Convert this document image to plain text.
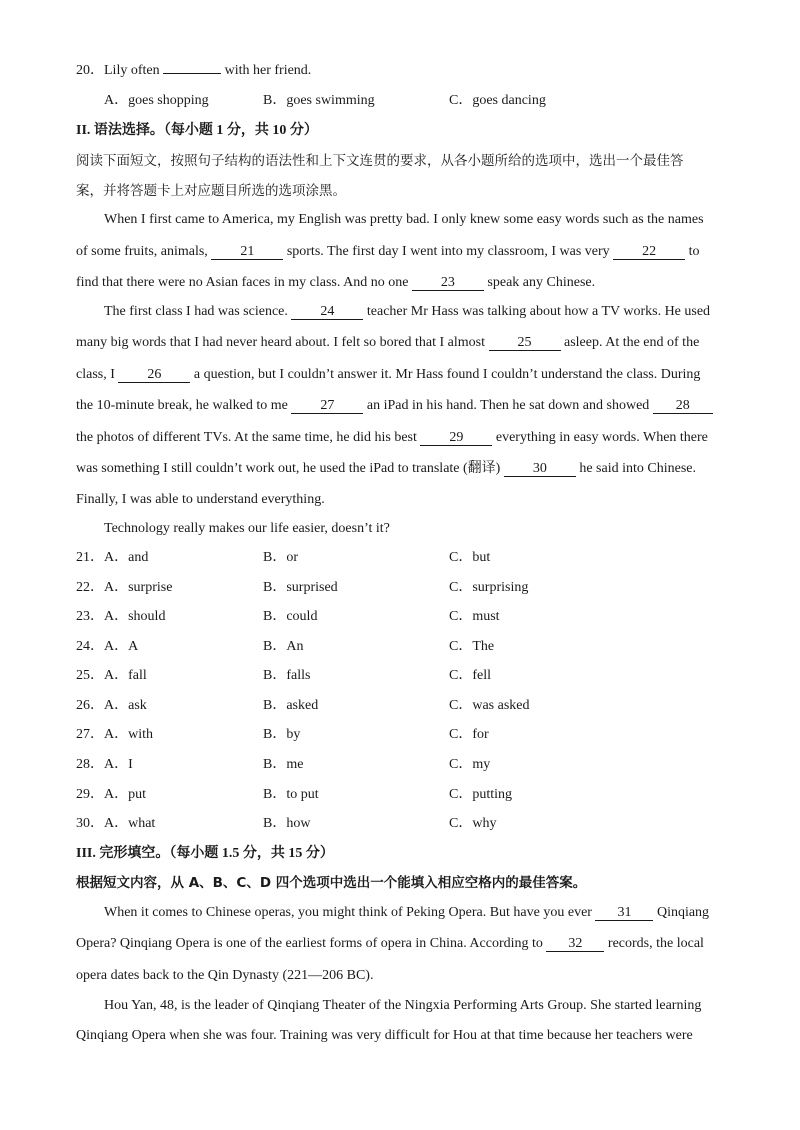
20．Lily often	with her friend.
A．goes shopping	B．goes swimming	C．goes dancing
II. 语法选择。（每小题 1 分，共 10 分）
阅读下面短文，按照句子结构的语法性和上下文连贯的要求，从各小题所给的选项中，选出一个最佳答
案，并将答题卡上对应题目所选的选项涂黑。
When I first came to America, my English was pretty bad. I only knew some easy words such as the names
of some fruits, animals, 21 sports. The first day I went into my classroom, I was very 22 to
find that there were no Asian faces in my class. And no one 23 speak any Chinese.
The first class I had was science. 24 teacher Mr Hass was talking about how a TV works. He used
many big words that I had never heard about. I felt so bored that I almost 25 asleep. At the end of the
class, I 26 a question, but I couldn’t answer it. Mr Hass found I couldn’t understand the class. During
the 10-minute break, he walked to me 27 an iPad in his hand. Then he sat down and showed 28
the photos of different TVs. At the same time, he did his best 29 everything in easy words. When there
was something I still couldn’t work out, he used the iPad to translate (翻译) 30 he said into Chinese.
Finally, I was able to understand everything.
Technology really makes our life easier, doesn’t it?
21． A．and	B．or	C．but
22． A．surprise	B．surprised	C．surprising
23． A．should	B．could	C．must
24． A．A	B．An	C．The
25． A．fall	B．falls	C．fell
26． A．ask	B．asked	C．was asked
27． A．with	B．by	C．for
28． A．I	B．me	C．my
29． A．put	B．to put	C．putting
30． A．what	B．how	C．why
III. 完形填空。（每小题 1.5 分，共 15 分）
根据短文内容，从 A、B、C、D 四个选项中选出一个能填入相应空格内的最佳答案。
When it comes to Chinese operas, you might think of Peking Opera. But have you ever 31 Qinqiang
Opera? Qinqiang Opera is one of the earliest forms of opera in China. According to 32 records, the local
opera dates back to the Qin Dynasty (221—206 BC).
Hou Yan, 48, is the leader of Qinqiang Theater of the Ningxia Performing Arts Group. She started learning
Qinqiang Opera when she was four. Training was very difficult for Hou at that time because her teachers were
